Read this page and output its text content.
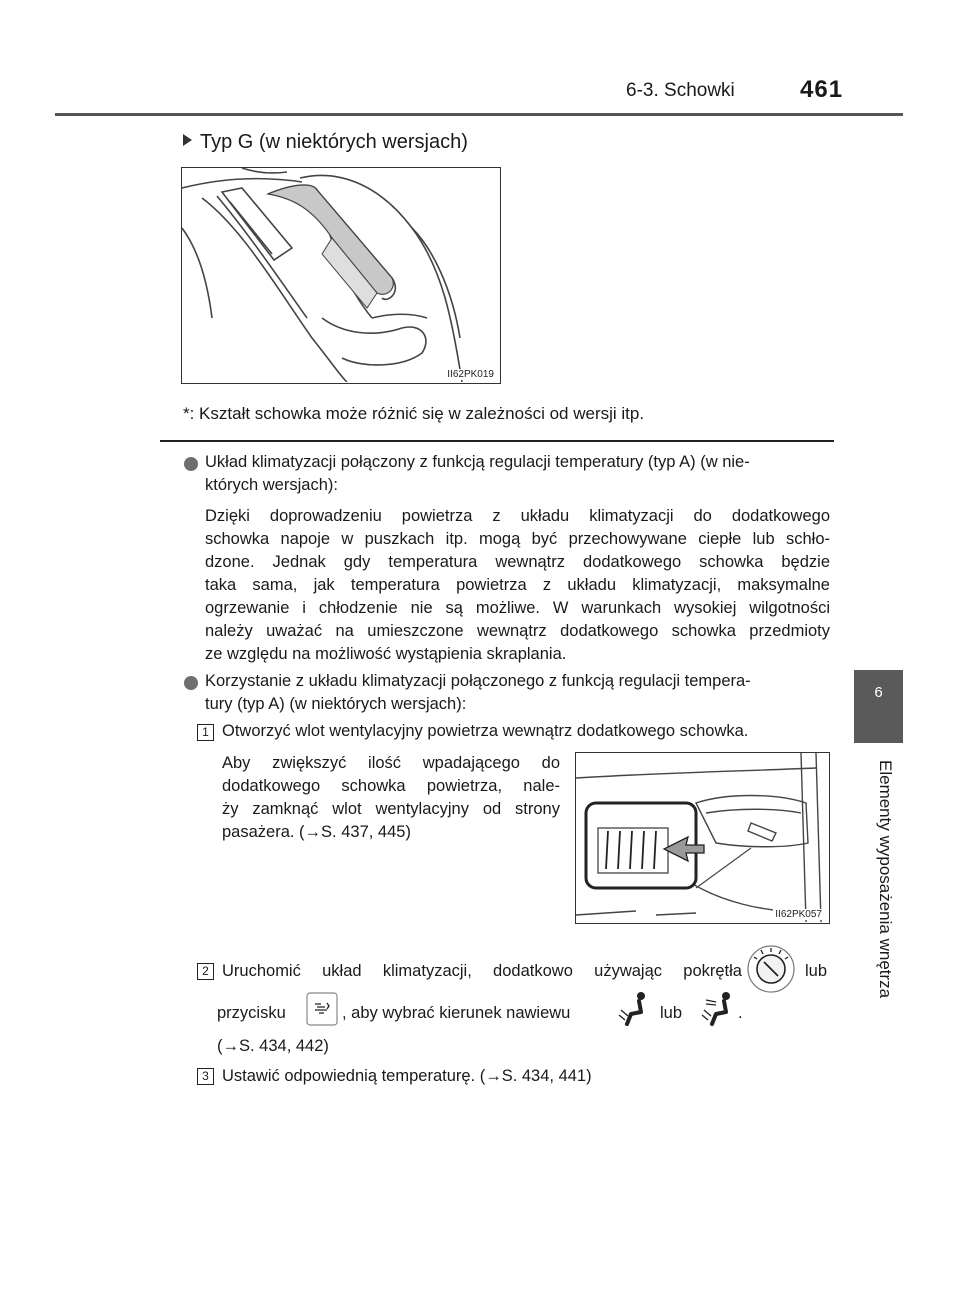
6-3. Schowki	461
6
Elementy wyposażenia wnętrza
Typ G (w niektórych wersjach)
II62PK019
*: Kształt schowka może różnić się w zależności od wersji itp.
Układ klimatyzacji połączony z funkcją regulacji temperatury (typ A) (w nie-
których wersjach):
Dzięki doprowadzeniu powietrza z układu klimatyzacji do dodatkowego
schowka napoje w puszkach itp. mogą być przechowywane ciepłe lub schło-
dzone. Jednak gdy temperatura wewnątrz dodatkowego schowka będzie
taka sama, jak temperatura powietrza z układu klimatyzacji, maksymalne
ogrzewanie i chłodzenie nie są możliwe. W warunkach wysokiej wilgotności
należy uważać na umieszczone wewnątrz dodatkowego schowka przedmioty
ze względu na możliwość wystąpienia skraplania.
Korzystanie z układu klimatyzacji połączonego z funkcją regulacji tempera-
tury (typ A) (w niektórych wersjach):
1 Otworzyć wlot wentylacyjny powietrza wewnątrz dodatkowego schowka.
Aby zwiększyć ilość wpadającego do
dodatkowego schowka powietrza, nale-
ży zamknąć wlot wentylacyjny od strony
pasażera. (→S. 437, 445)
II62PK057
2 Uruchomić układ klimatyzacji, dodatkowo używając pokrętła	lub
przycisku	, aby wybrać kierunek nawiewu	lub	.
(→S. 434, 442)
3 Ustawić odpowiednią temperaturę. (→S. 434, 441)
